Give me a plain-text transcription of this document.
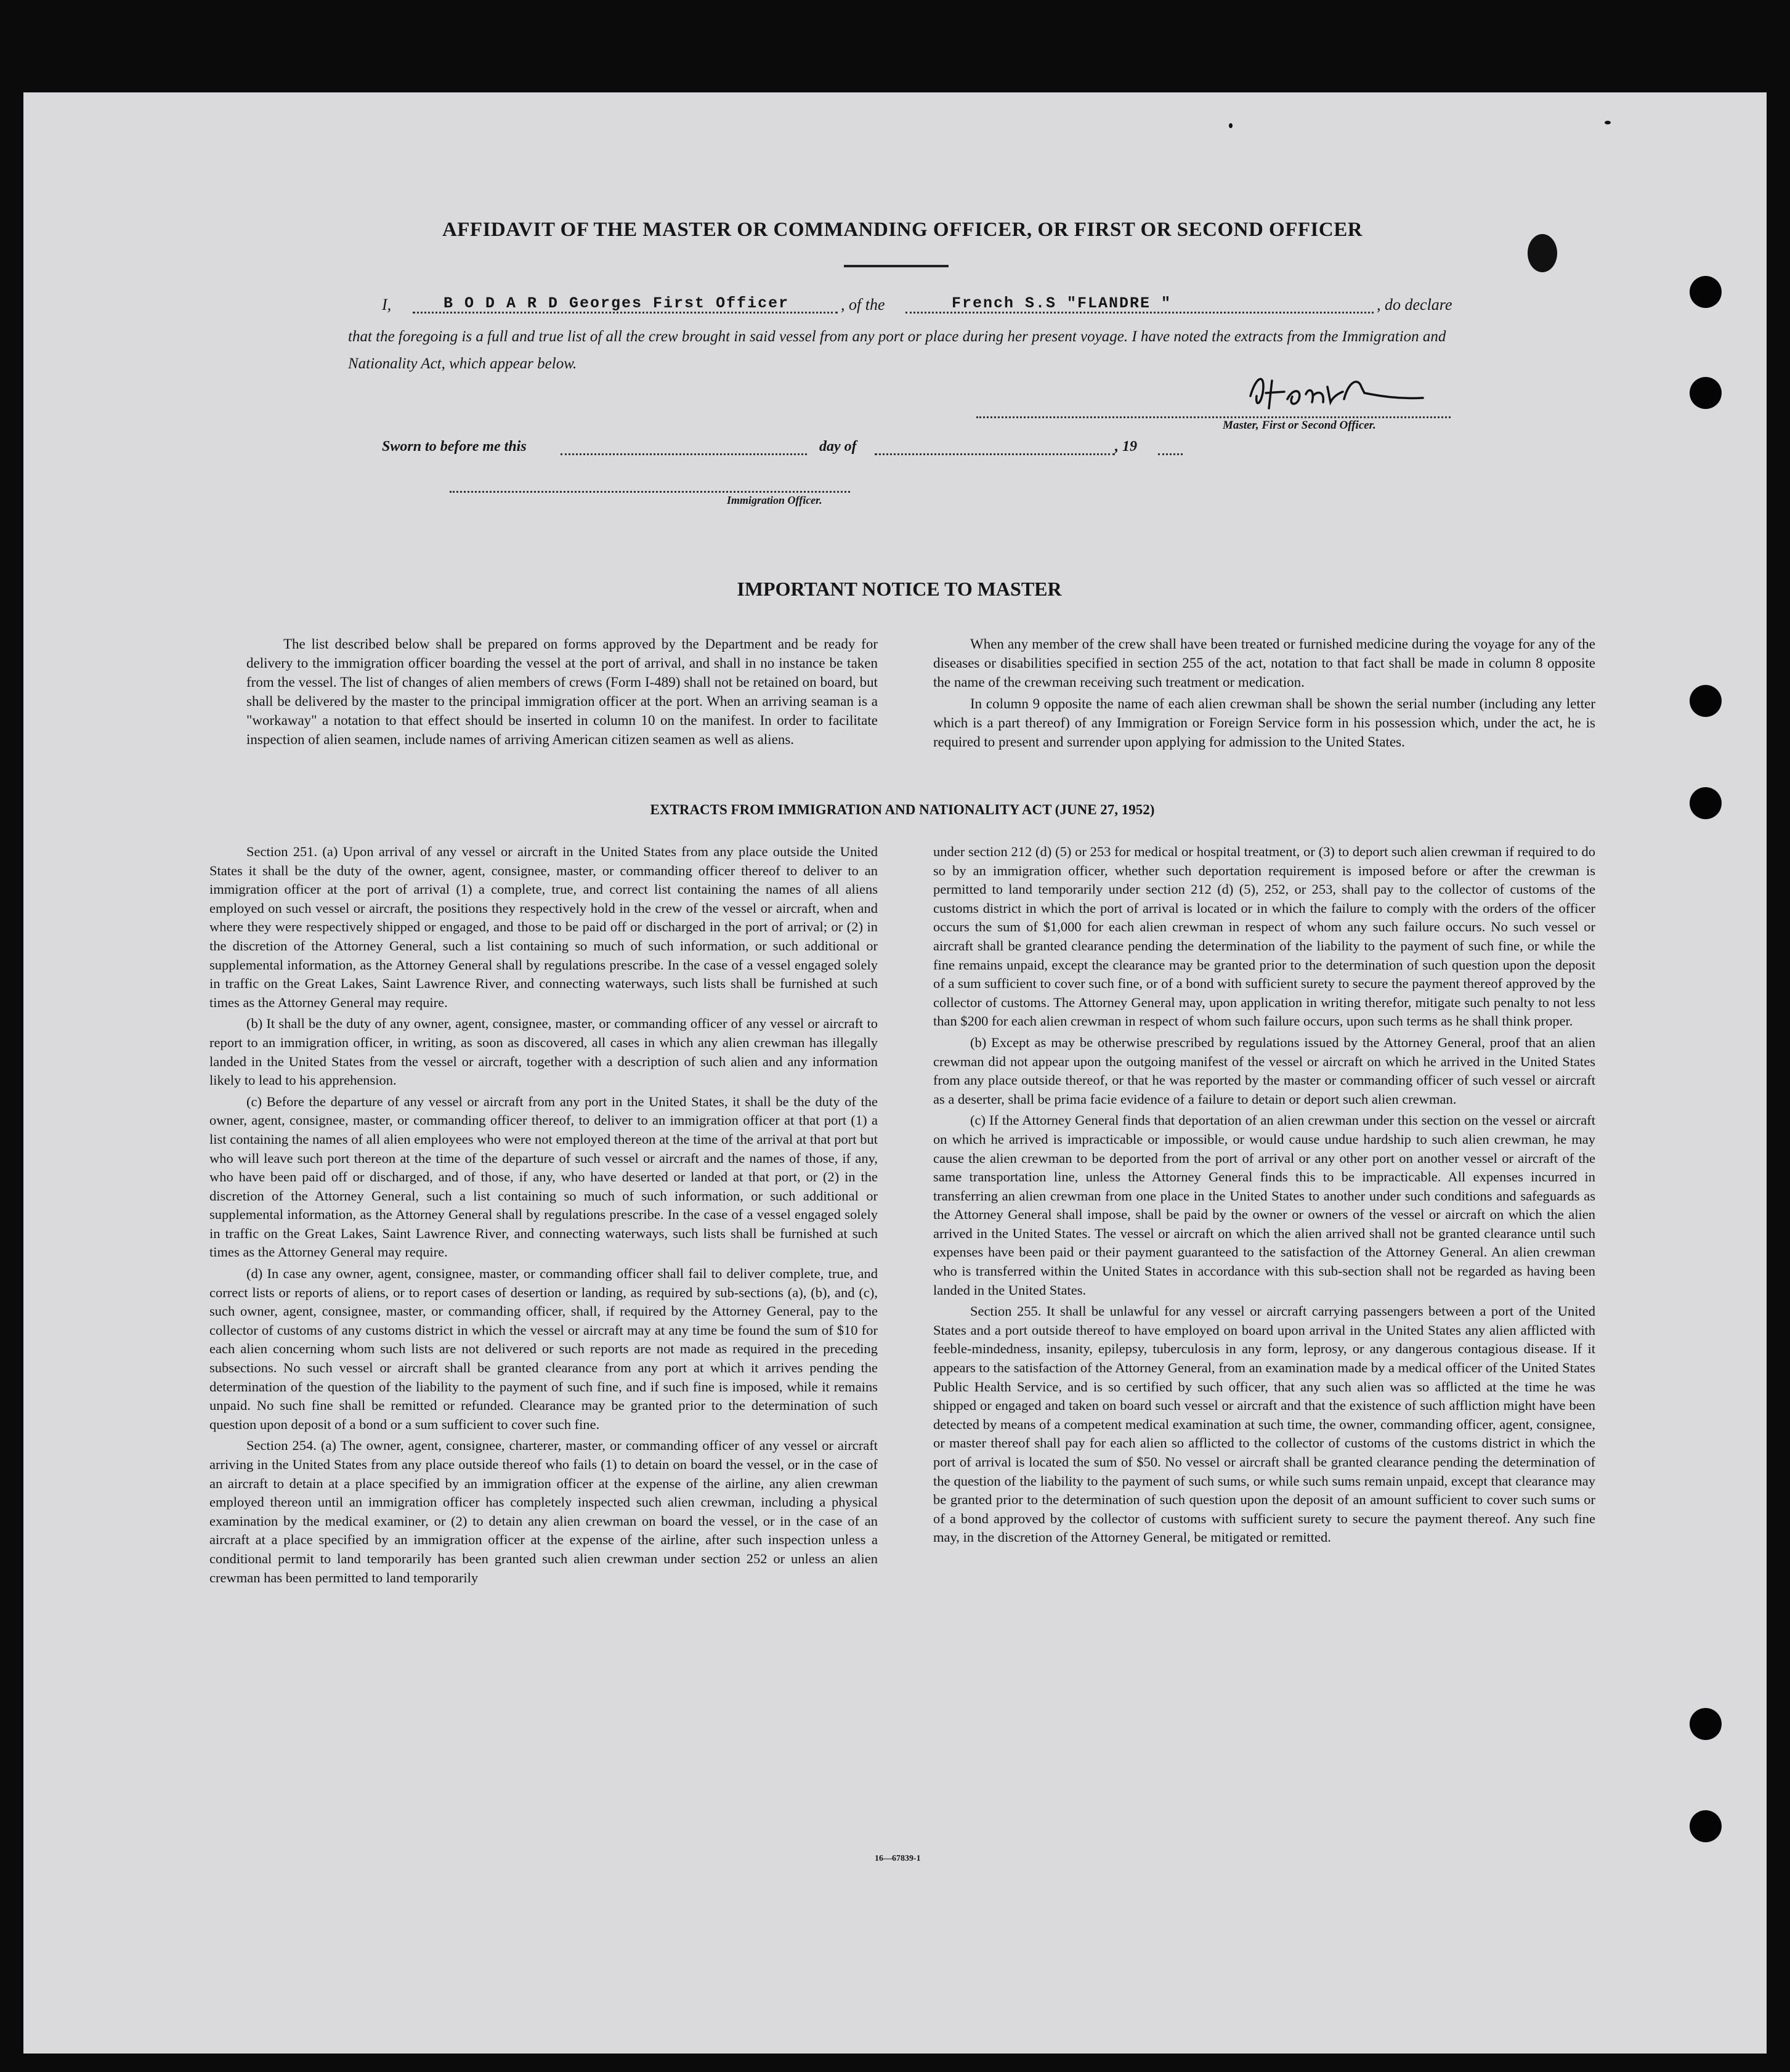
AFFIDAVIT OF THE MASTER OR COMMANDING OFFICER, OR FIRST OR SECOND OFFICER
I,	B O D A R D Georges First Officer	, of the	French S.S "FLANDRE "	, do declare
that the foregoing is a full and true list of all the crew brought in said vessel from any port or place during her present voyage. I have noted the extracts from the Immigration and Nationality Act, which appear below.
Master, First or Second Officer.
Sworn to before me this	day of	, 19
Immigration Officer.
IMPORTANT NOTICE TO MASTER

The list described below shall be prepared on forms approved by the Department and be ready for delivery to the immigration officer boarding the vessel at the port of arrival, and shall in no instance be taken from the vessel. The list of changes of alien members of crews (Form I-489) shall not be retained on board, but shall be delivered by the master to the principal immigration officer at the port. When an arriving seaman is a "workaway" a notation to that effect should be inserted in column 10 on the manifest. In order to facilitate inspection of alien seamen, include names of arriving American citizen seamen as well as aliens.

When any member of the crew shall have been treated or furnished medicine during the voyage for any of the diseases or disabilities specified in section 255 of the act, notation to that fact shall be made in column 8 opposite the name of the crewman receiving such treatment or medication.

In column 9 opposite the name of each alien crewman shall be shown the serial number (including any letter which is a part thereof) of any Immigration or Foreign Service form in his possession which, under the act, he is required to present and surrender upon applying for admission to the United States.

EXTRACTS FROM IMMIGRATION AND NATIONALITY ACT (JUNE 27, 1952)

Section 251. (a) Upon arrival of any vessel or aircraft in the United States from any place outside the United States it shall be the duty of the owner, agent, consignee, master, or commanding officer thereof to deliver to an immigration officer at the port of arrival (1) a complete, true, and correct list containing the names of all aliens employed on such vessel or aircraft, the positions they respectively hold in the crew of the vessel or aircraft, when and where they were respectively shipped or engaged, and those to be paid off or discharged in the port of arrival; or (2) in the discretion of the Attorney General, such a list containing so much of such information, or such additional or supplemental information, as the Attorney General shall by regulations prescribe. In the case of a vessel engaged solely in traffic on the Great Lakes, Saint Lawrence River, and connecting waterways, such lists shall be furnished at such times as the Attorney General may require.

(b) It shall be the duty of any owner, agent, consignee, master, or commanding officer of any vessel or aircraft to report to an immigration officer, in writing, as soon as discovered, all cases in which any alien crewman has illegally landed in the United States from the vessel or aircraft, together with a description of such alien and any information likely to lead to his apprehension.

(c) Before the departure of any vessel or aircraft from any port in the United States, it shall be the duty of the owner, agent, consignee, master, or commanding officer thereof, to deliver to an immigration officer at that port (1) a list containing the names of all alien employees who were not employed thereon at the time of the arrival at that port but who will leave such port thereon at the time of the departure of such vessel or aircraft and the names of those, if any, who have been paid off or discharged, and of those, if any, who have deserted or landed at that port, or (2) in the discretion of the Attorney General, such a list containing so much of such information, or such additional or supplemental information, as the Attorney General shall by regulations prescribe. In the case of a vessel engaged solely in traffic on the Great Lakes, Saint Lawrence River, and connecting waterways, such lists shall be furnished at such times as the Attorney General may require.

(d) In case any owner, agent, consignee, master, or commanding officer shall fail to deliver complete, true, and correct lists or reports of aliens, or to report cases of desertion or landing, as required by sub-sections (a), (b), and (c), such owner, agent, consignee, master, or commanding officer, shall, if required by the Attorney General, pay to the collector of customs of any customs district in which the vessel or aircraft may at any time be found the sum of $10 for each alien concerning whom such lists are not delivered or such reports are not made as required in the preceding subsections. No such vessel or aircraft shall be granted clearance from any port at which it arrives pending the determination of the question of the liability to the payment of such fine, and if such fine is imposed, while it remains unpaid. No such fine shall be remitted or refunded. Clearance may be granted prior to the determination of such question upon deposit of a bond or a sum sufficient to cover such fine.

Section 254. (a) The owner, agent, consignee, charterer, master, or commanding officer of any vessel or aircraft arriving in the United States from any place outside thereof who fails (1) to detain on board the vessel, or in the case of an aircraft to detain at a place specified by an immigration officer at the expense of the airline, any alien crewman employed thereon until an immigration officer has completely inspected such alien crewman, including a physical examination by the medical examiner, or (2) to detain any alien crewman on board the vessel, or in the case of an aircraft at a place specified by an immigration officer at the expense of the airline, after such inspection unless a conditional permit to land temporarily has been granted such alien crewman under section 252 or unless an alien crewman has been permitted to land temporarily

under section 212 (d) (5) or 253 for medical or hospital treatment, or (3) to deport such alien crewman if required to do so by an immigration officer, whether such deportation requirement is imposed before or after the crewman is permitted to land temporarily under section 212 (d) (5), 252, or 253, shall pay to the collector of customs of the customs district in which the port of arrival is located or in which the failure to comply with the orders of the officer occurs the sum of $1,000 for each alien crewman in respect of whom any such failure occurs. No such vessel or aircraft shall be granted clearance pending the determination of the liability to the payment of such fine, or while the fine remains unpaid, except the clearance may be granted prior to the determination of such question upon the deposit of a sum sufficient to cover such fine, or of a bond with sufficient surety to secure the payment thereof approved by the collector of customs. The Attorney General may, upon application in writing therefor, mitigate such penalty to not less than $200 for each alien crewman in respect of whom such failure occurs, upon such terms as he shall think proper.

(b) Except as may be otherwise prescribed by regulations issued by the Attorney General, proof that an alien crewman did not appear upon the outgoing manifest of the vessel or aircraft on which he arrived in the United States from any place outside thereof, or that he was reported by the master or commanding officer of such vessel or aircraft as a deserter, shall be prima facie evidence of a failure to detain or deport such alien crewman.

(c) If the Attorney General finds that deportation of an alien crewman under this section on the vessel or aircraft on which he arrived is impracticable or impossible, or would cause undue hardship to such alien crewman, he may cause the alien crewman to be deported from the port of arrival or any other port on another vessel or aircraft of the same transportation line, unless the Attorney General finds this to be impracticable. All expenses incurred in transferring an alien crewman from one place in the United States to another under such conditions and safeguards as the Attorney General shall impose, shall be paid by the owner or owners of the vessel or aircraft on which the alien arrived in the United States. The vessel or aircraft on which the alien arrived shall not be granted clearance until such expenses have been paid or their payment guaranteed to the satisfaction of the Attorney General. An alien crewman who is transferred within the United States in accordance with this sub-section shall not be regarded as having been landed in the United States.

Section 255. It shall be unlawful for any vessel or aircraft carrying passengers between a port of the United States and a port outside thereof to have employed on board upon arrival in the United States any alien afflicted with feeble-mindedness, insanity, epilepsy, tuberculosis in any form, leprosy, or any dangerous contagious disease. If it appears to the satisfaction of the Attorney General, from an examination made by a medical officer of the United States Public Health Service, and is so certified by such officer, that any such alien was so afflicted at the time he was shipped or engaged and taken on board such vessel or aircraft and that the existence of such affliction might have been detected by means of a competent medical examination at such time, the owner, commanding officer, agent, consignee, or master thereof shall pay for each alien so afflicted to the collector of customs of the customs district in which the port of arrival is located the sum of $50. No vessel or aircraft shall be granted clearance pending the determination of the question of the liability to the payment of such sums, or while such sums remain unpaid, except that clearance may be granted prior to the determination of such question upon the deposit of an amount sufficient to cover such sums or of a bond approved by the collector of customs with sufficient surety to secure the payment thereof. Any such fine may, in the discretion of the Attorney General, be mitigated or remitted.

16—67839-1
